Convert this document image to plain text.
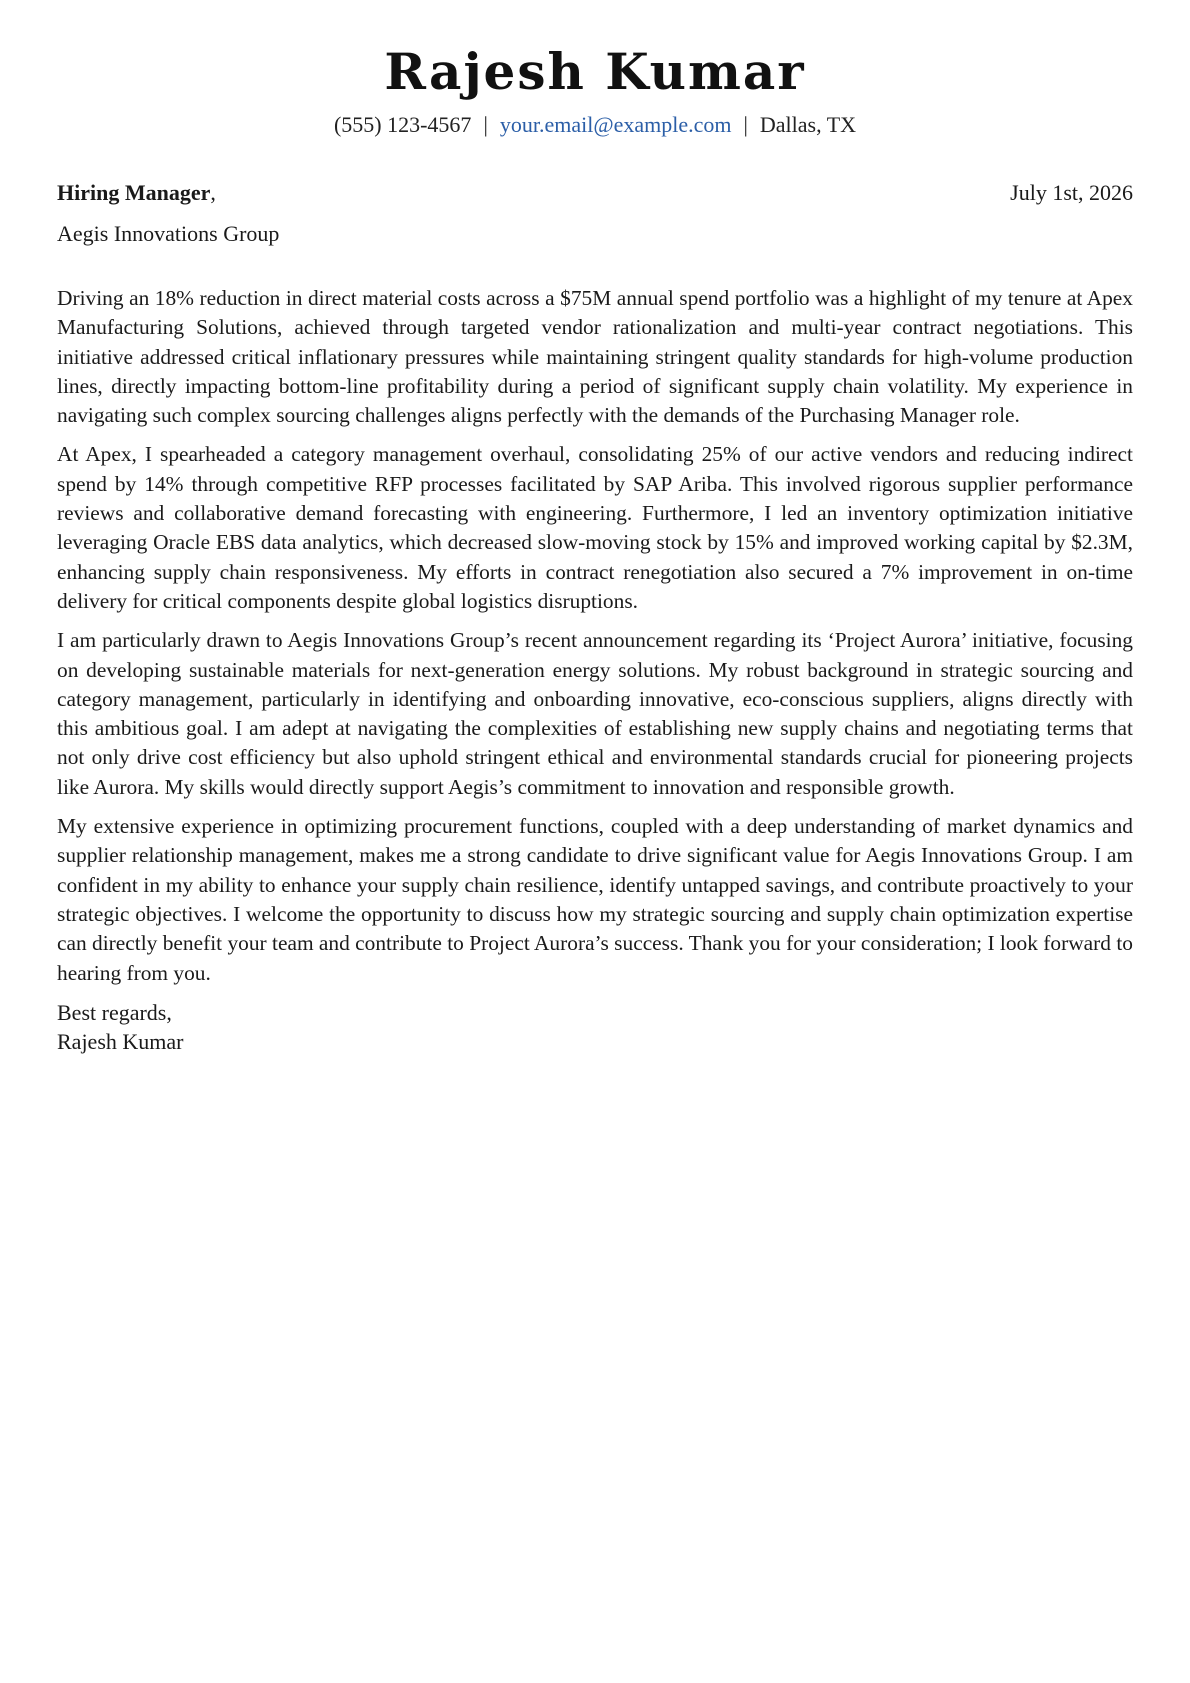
Rajesh Kumar
(555) 123-4567 | your.email@example.com | Dallas, TX
Hiring Manager,	July 1st, 2026
Aegis Innovations Group

Driving an 18% reduction in direct material costs across a $75M annual spend portfolio was a highlight of my tenure at Apex Manufacturing Solutions, achieved through targeted vendor rationalization and multi-year contract negotiations. This initiative addressed critical inflationary pressures while maintaining stringent quality standards for high-volume production lines, directly impacting bottom-line profitability during a period of significant supply chain volatility. My experience in navigating such complex sourcing challenges aligns perfectly with the demands of the Purchasing Manager role.

At Apex, I spearheaded a category management overhaul, consolidating 25% of our active vendors and reducing indirect spend by 14% through competitive RFP processes facilitated by SAP Ariba. This involved rigorous supplier performance reviews and collaborative demand forecasting with engineering. Furthermore, I led an inventory optimization initiative leveraging Oracle EBS data analytics, which decreased slow-moving stock by 15% and improved working capital by $2.3M, enhancing supply chain responsiveness. My efforts in contract renegotiation also secured a 7% improvement in on-time delivery for critical components despite global logistics disruptions.

I am particularly drawn to Aegis Innovations Group’s recent announcement regarding its ‘Project Aurora’ initiative, focusing on developing sustainable materials for next-generation energy solutions. My robust background in strategic sourcing and category management, particularly in identifying and onboarding innovative, eco-conscious suppliers, aligns directly with this ambitious goal. I am adept at navigating the complexities of establishing new supply chains and negotiating terms that not only drive cost efficiency but also uphold stringent ethical and environmental standards crucial for pioneering projects like Aurora. My skills would directly support Aegis’s commitment to innovation and responsible growth.

My extensive experience in optimizing procurement functions, coupled with a deep understanding of market dynamics and supplier relationship management, makes me a strong candidate to drive significant value for Aegis Innovations Group. I am confident in my ability to enhance your supply chain resilience, identify untapped savings, and contribute proactively to your strategic objectives. I welcome the opportunity to discuss how my strategic sourcing and supply chain optimization expertise can directly benefit your team and contribute to Project Aurora’s success. Thank you for your consideration; I look forward to hearing from you.

Best regards,
Rajesh Kumar
